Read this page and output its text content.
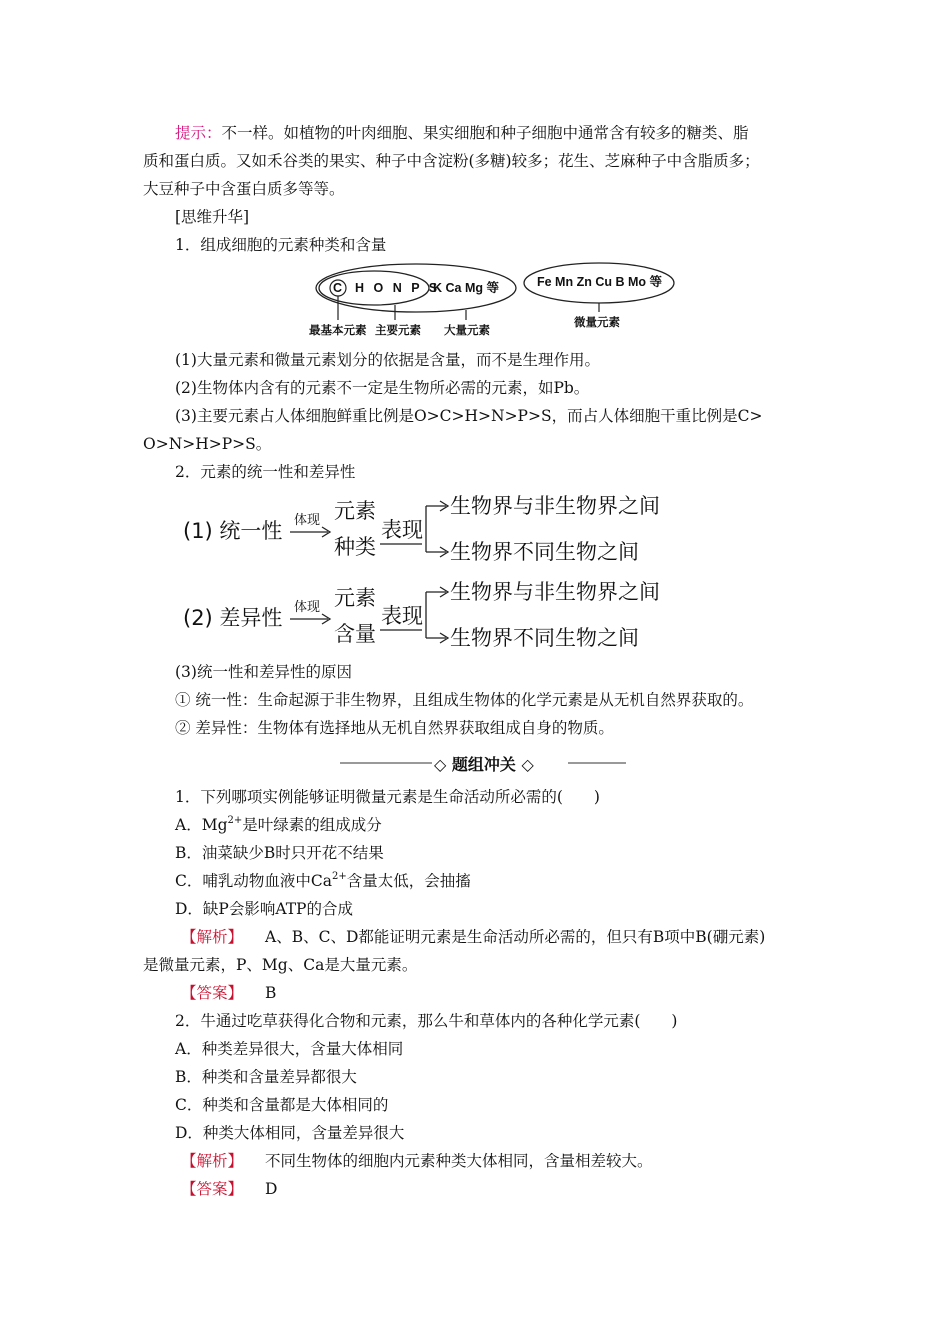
提示：不一样。如植物的叶肉细胞、果实细胞和种子细胞中通常含有较多的糖类、脂
质和蛋白质。又如禾谷类的果实、种子中含淀粉(多糖)较多；花生、芝麻种子中含脂质多；
大豆种子中含蛋白质多等等。
[思维升华]
1．组成细胞的元素种类和含量
C H O N P S
K Ca Mg 等	Fe Mn Zn Cu B Mo 等
最基本元素 主要元素 大量元素
微量元素
(1)大量元素和微量元素划分的依据是含量，而不是生理作用。
(2)生物体内含有的元素不一定是生物所必需的元素，如Pb。
(3)主要元素占人体细胞鲜重比例是O>C>H>N>P>S，而占人体细胞干重比例是C>
O>N>H>P>S。
2．元素的统一性和差异性
(1) 统一性 体现 元素
种类
表现
生物界与非生物界之间
生物界不同生物之间
(2) 差异性 体现 元素
含量
表现
生物界与非生物界之间
生物界不同生物之间
(3)统一性和差异性的原因
① 统一性：生命起源于非生物界，且组成生物体的化学元素是从无机自然界获取的。
② 差异性：生物体有选择地从无机自然界获取组成自身的物质。
◇ 题组冲关 ◇
1．下列哪项实例能够证明微量元素是生命活动所必需的(　　)
A．$Mg^{2+}$是叶绿素的组成成分
B．油菜缺少B时只开花不结果
C．哺乳动物血液中$Ca^{2+}$含量太低，会抽搐
D．缺P会影响ATP的合成
【解析】 A、B、C、D都能证明元素是生命活动所必需的，但只有B项中B(硼元素)
是微量元素，P、Mg、Ca是大量元素。
【答案】 B
2．牛通过吃草获得化合物和元素，那么牛和草体内的各种化学元素(　　)
A．种类差异很大，含量大体相同
B．种类和含量差异都很大
C．种类和含量都是大体相同的
D．种类大体相同，含量差异很大
【解析】 不同生物体的细胞内元素种类大体相同，含量相差较大。
【答案】 D
